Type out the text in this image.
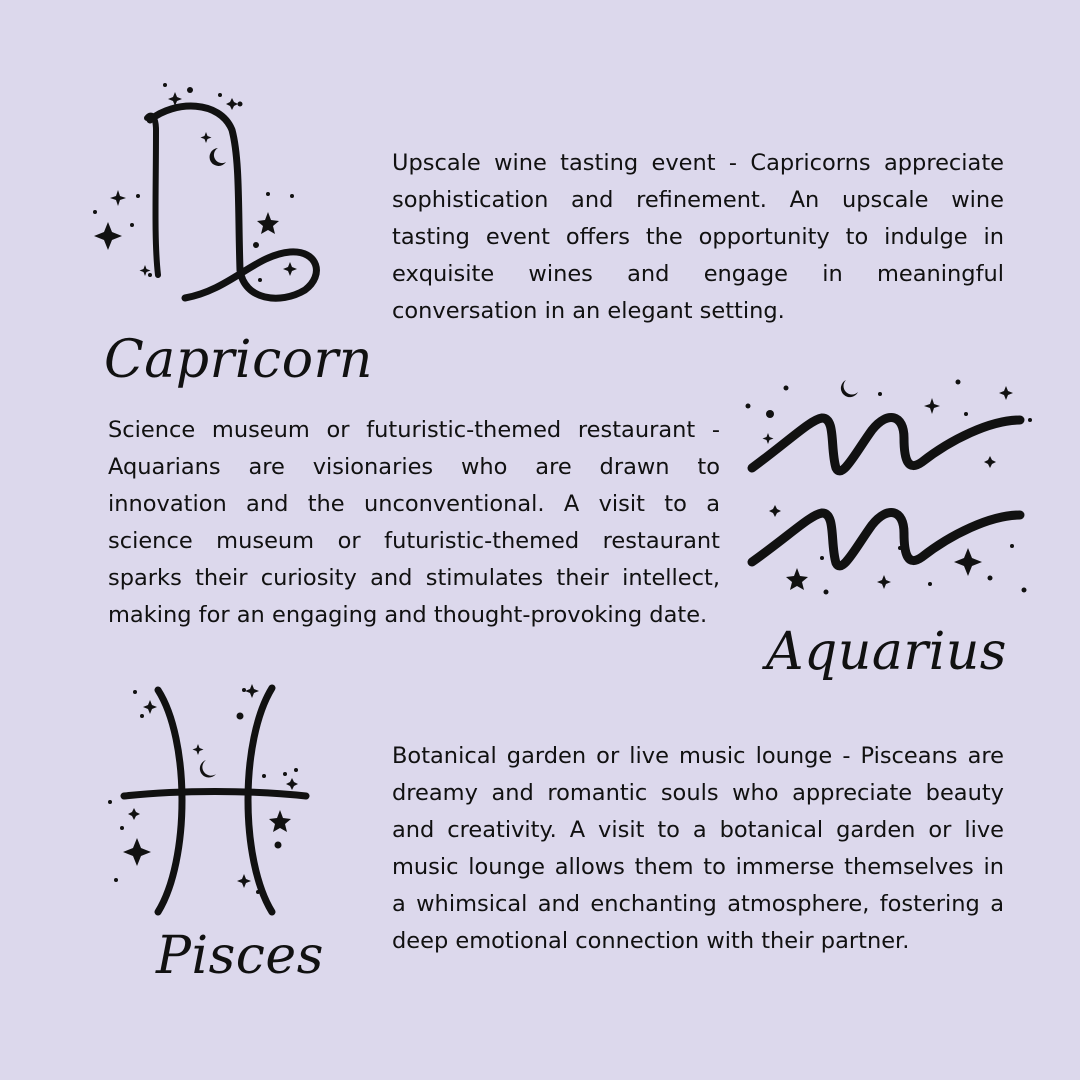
Capricorn
Upscale wine tasting event - Capricorns appreciate sophistication and refinement. An upscale wine tasting event offers the opportunity to indulge in exquisite wines and engage in meaningful conversation in an elegant setting.
Aquarius
Science museum or futuristic-themed restaurant - Aquarians are visionaries who are drawn to innovation and the unconventional. A visit to a science museum or futuristic-themed restaurant sparks their curiosity and stimulates their intellect, making for an engaging and thought-provoking date.
Pisces
Botanical garden or live music lounge - Pisceans are dreamy and romantic souls who appreciate beauty and creativity. A visit to a botanical garden or live music lounge allows them to immerse themselves in a whimsical and enchanting atmosphere, fostering a deep emotional connection with their partner.
